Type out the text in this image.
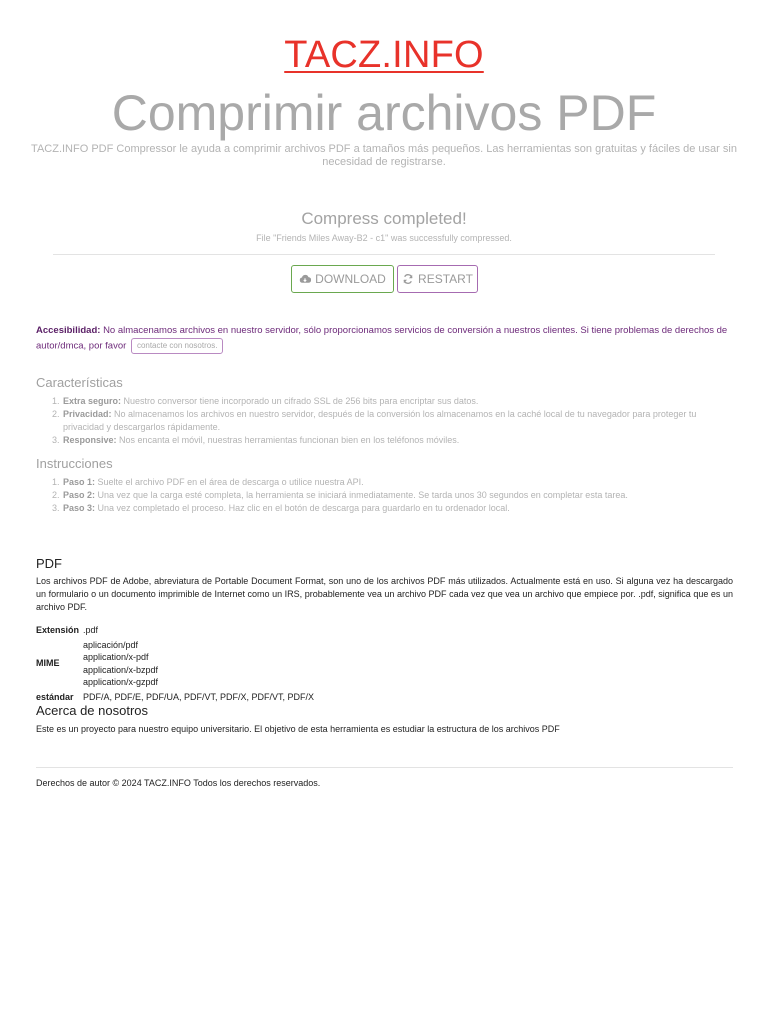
TACZ.INFO
Comprimir archivos PDF

TACZ.INFO PDF Compressor le ayuda a comprimir archivos PDF a tamaños más pequeños. Las herramientas son gratuitas y fáciles de usar sin necesidad de registrarse.

Compress completed!
File "Friends Miles Away-B2 - c1" was successfully compressed.
DOWNLOAD	RESTART
Accesibilidad: No almacenamos archivos en nuestro servidor, sólo proporcionamos servicios de conversión a nuestros clientes. Si tiene problemas de derechos de autor/dmca, por favor contacte con nosotros.
Características
1. Extra seguro: Nuestro conversor tiene incorporado un cifrado SSL de 256 bits para encriptar sus datos.
2. Privacidad: No almacenamos los archivos en nuestro servidor, después de la conversión los almacenamos en la caché local de tu navegador para proteger tu privacidad y descargarlos rápidamente.
3. Responsive: Nos encanta el móvil, nuestras herramientas funcionan bien en los teléfonos móviles.
Instrucciones
1. Paso 1: Suelte el archivo PDF en el área de descarga o utilice nuestra API.
2. Paso 2: Una vez que la carga esté completa, la herramienta se iniciará inmediatamente. Se tarda unos 30 segundos en completar esta tarea.
3. Paso 3: Una vez completado el proceso. Haz clic en el botón de descarga para guardarlo en tu ordenador local.
PDF

Los archivos PDF de Adobe, abreviatura de Portable Document Format, son uno de los archivos PDF más utilizados. Actualmente está en uso. Si alguna vez ha descargado un formulario o un documento imprimible de Internet como un IRS, probablemente vea un archivo PDF cada vez que vea un archivo que empiece por. .pdf, significa que es un archivo PDF.

Extensión	.pdf
MIME	aplicación/pdf
application/x-pdf
application/x-bzpdf
application/x-gzpdf

estándar	PDF/A, PDF/E, PDF/UA, PDF/VT, PDF/X, PDF/VT, PDF/X
Acerca de nosotros

Este es un proyecto para nuestro equipo universitario. El objetivo de esta herramienta es estudiar la estructura de los archivos PDF

Derechos de autor © 2024 TACZ.INFO Todos los derechos reservados.
